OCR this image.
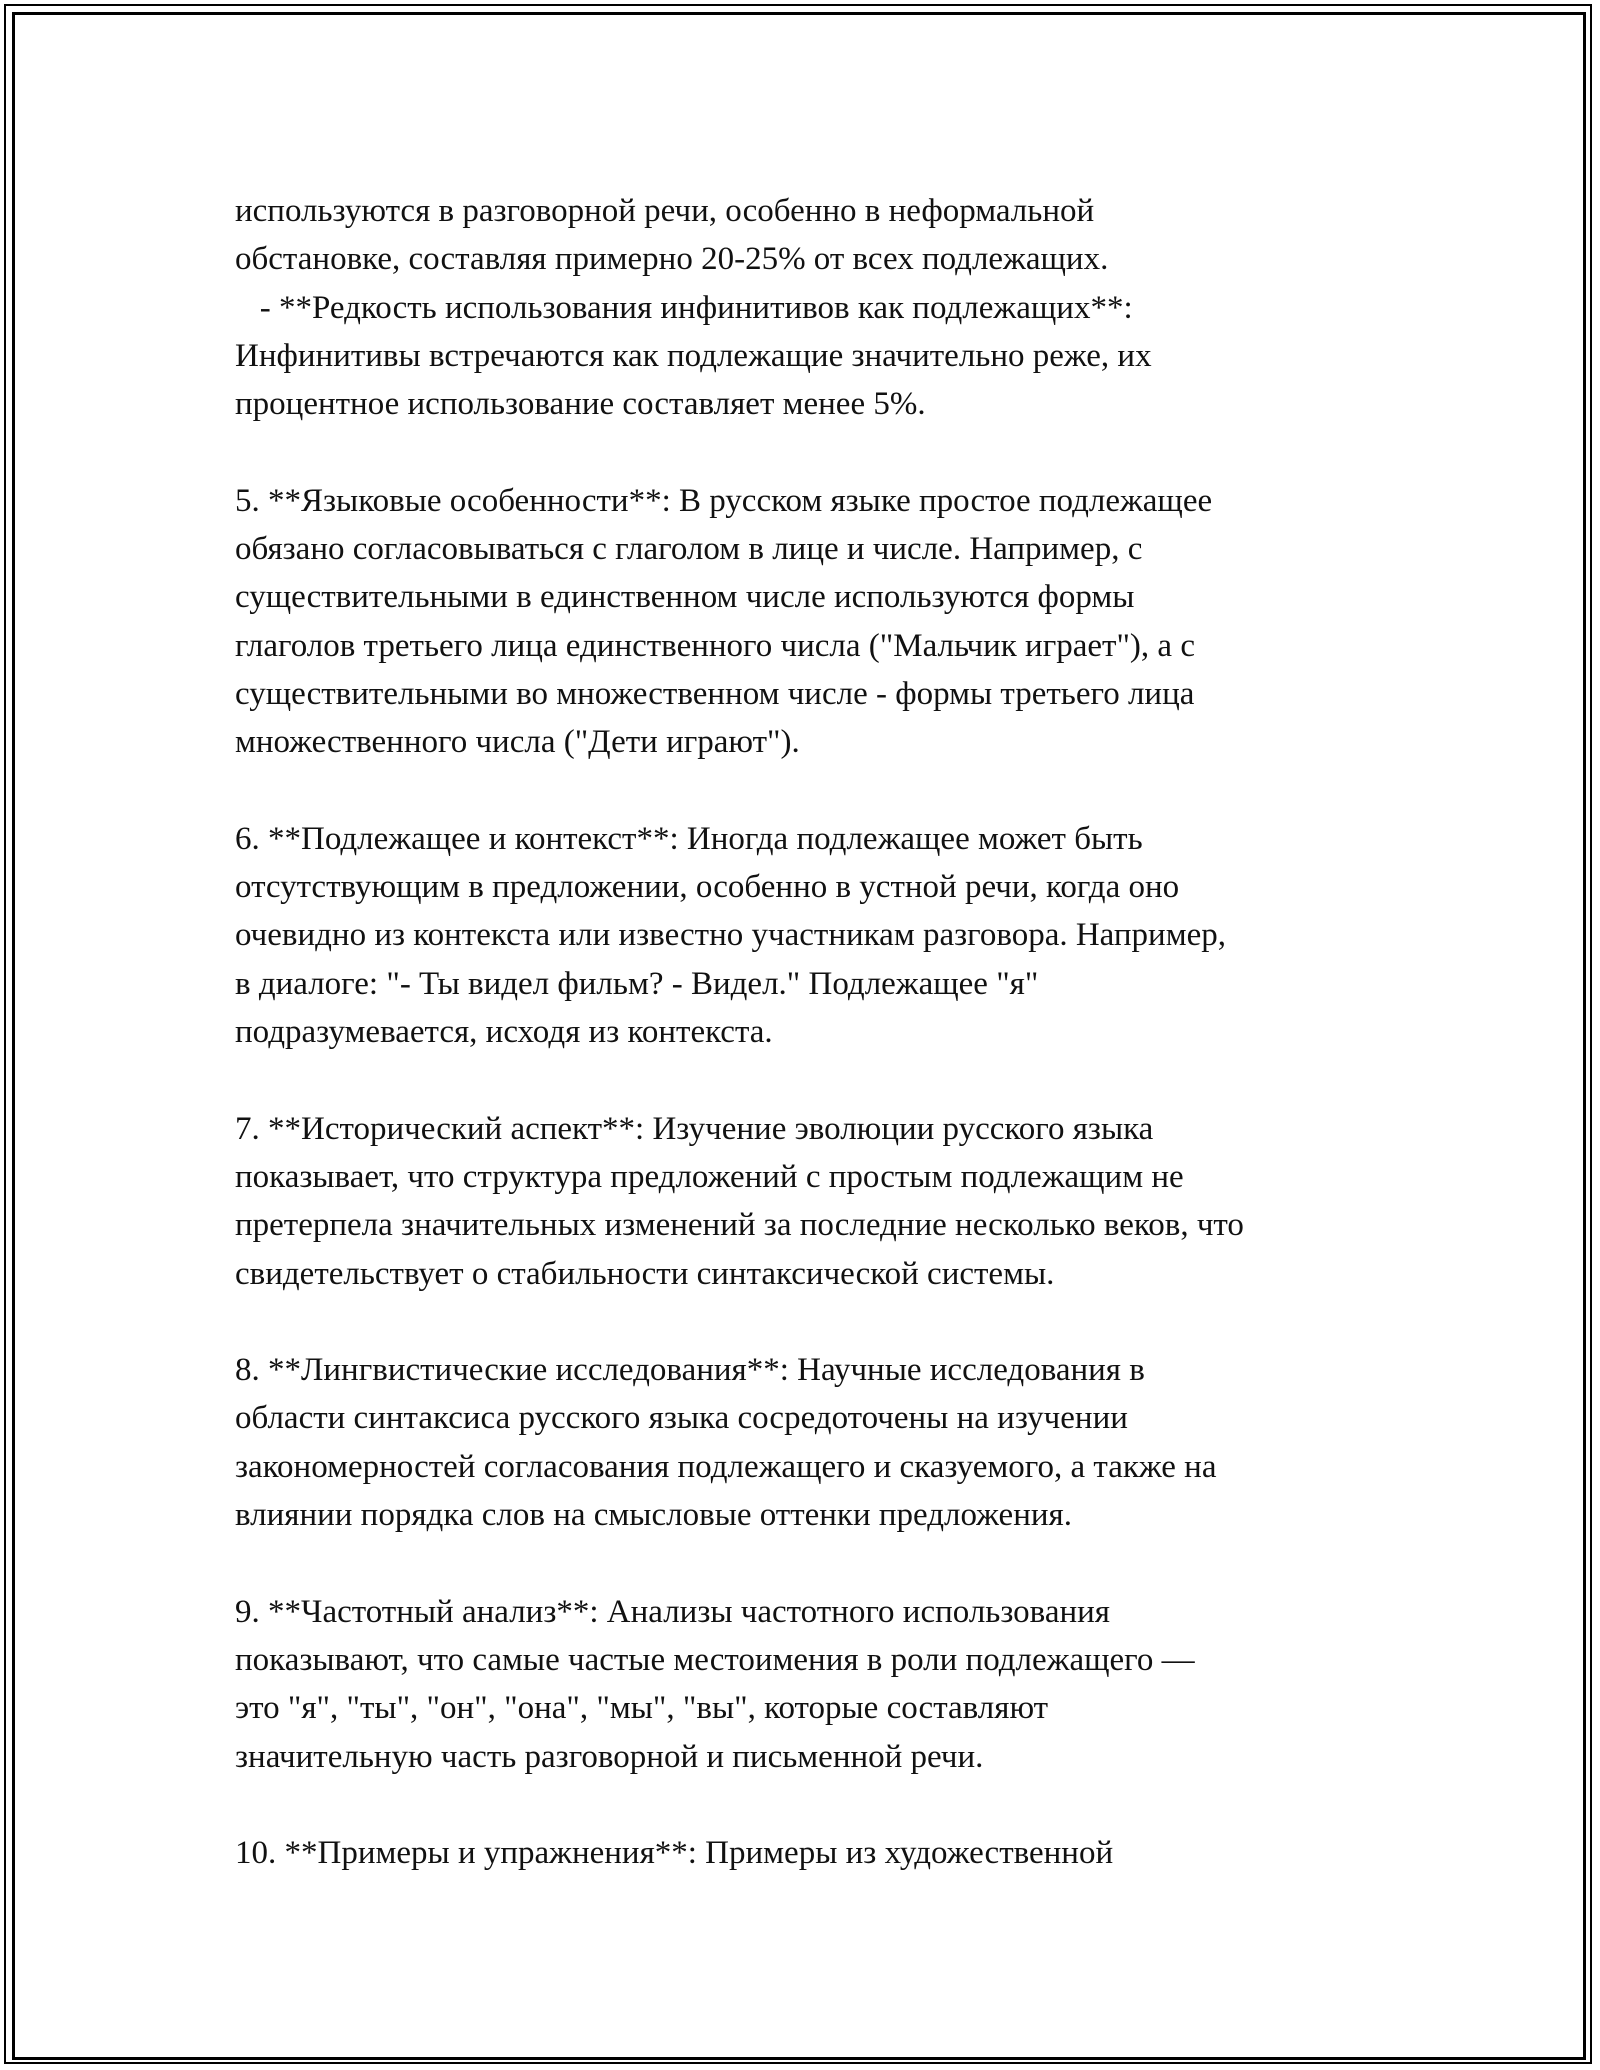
используются в разговорной речи, особенно в неформальной
обстановке, составляя примерно 20-25% от всех подлежащих.
- **Редкость использования инфинитивов как подлежащих**:
Инфинитивы встречаются как подлежащие значительно реже, их
процентное использование составляет менее 5%.
5. **Языковые особенности**: В русском языке простое подлежащее
обязано согласовываться с глаголом в лице и числе. Например, с
существительными в единственном числе используются формы
глаголов третьего лица единственного числа ("Мальчик играет"), а с
существительными во множественном числе - формы третьего лица
множественного числа ("Дети играют").
6. **Подлежащее и контекст**: Иногда подлежащее может быть
отсутствующим в предложении, особенно в устной речи, когда оно
очевидно из контекста или известно участникам разговора. Например,
в диалоге: "- Ты видел фильм? - Видел." Подлежащее "я"
подразумевается, исходя из контекста.
7. **Исторический аспект**: Изучение эволюции русского языка
показывает, что структура предложений с простым подлежащим не
претерпела значительных изменений за последние несколько веков, что
свидетельствует о стабильности синтаксической системы.
8. **Лингвистические исследования**: Научные исследования в
области синтаксиса русского языка сосредоточены на изучении
закономерностей согласования подлежащего и сказуемого, а также на
влиянии порядка слов на смысловые оттенки предложения.
9. **Частотный анализ**: Анализы частотного использования
показывают, что самые частые местоимения в роли подлежащего —
это "я", "ты", "он", "она", "мы", "вы", которые составляют
значительную часть разговорной и письменной речи.
10. **Примеры и упражнения**: Примеры из художественной
